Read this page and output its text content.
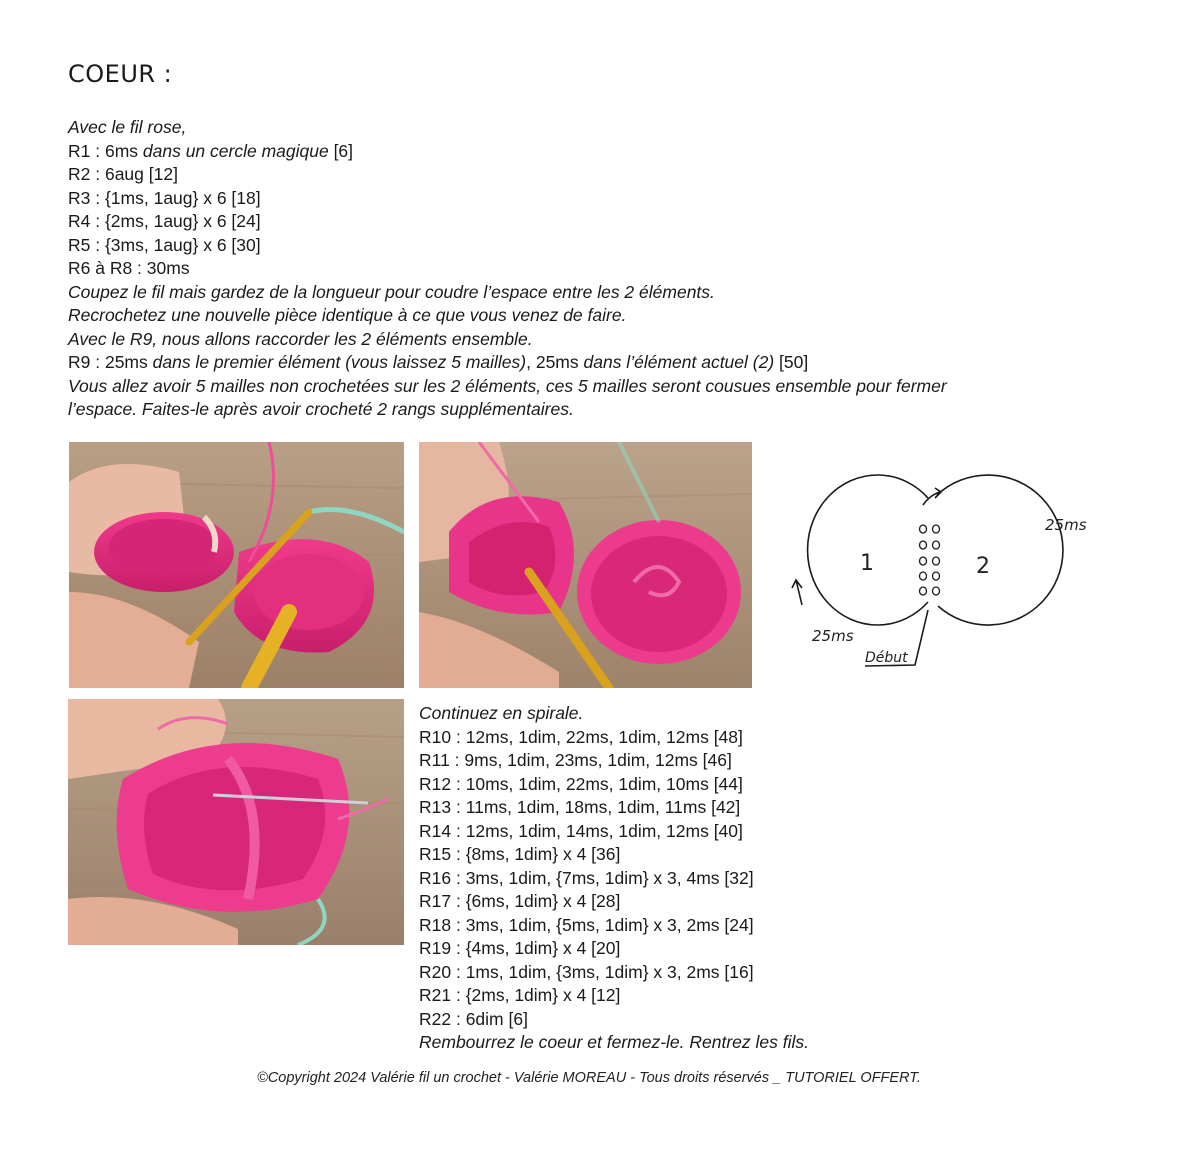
COEUR :
Avec le fil rose,
R1 : 6ms dans un cercle magique [6]
R2 : 6aug [12]
R3 : {1ms, 1aug} x 6 [18]
R4 : {2ms, 1aug} x 6 [24]
R5 : {3ms, 1aug} x 6 [30]
R6 à R8 : 30ms
Coupez le fil mais gardez de la longueur pour coudre l’espace entre les 2 éléments.
Recrochetez une nouvelle pièce identique à ce que vous venez de faire.
Avec le R9, nous allons raccorder les 2 éléments ensemble.
R9 : 25ms dans le premier élément (vous laissez 5 mailles), 25ms dans l’élément actuel (2) [50]
Vous allez avoir 5 mailles non crochetées sur les 2 éléments, ces 5 mailles seront cousues ensemble pour fermer
l’espace. Faites-le après avoir crocheté 2 rangs supplémentaires.
1	2
25ms
25ms
Début
Continuez en spirale.
R10 : 12ms, 1dim, 22ms, 1dim, 12ms [48]
R11 : 9ms, 1dim, 23ms, 1dim, 12ms [46]
R12 : 10ms, 1dim, 22ms, 1dim, 10ms [44]
R13 : 11ms, 1dim, 18ms, 1dim, 11ms [42]
R14 : 12ms, 1dim, 14ms, 1dim, 12ms [40]
R15 : {8ms, 1dim} x 4 [36]
R16 : 3ms, 1dim, {7ms, 1dim} x 3, 4ms [32]
R17 : {6ms, 1dim} x 4 [28]
R18 : 3ms, 1dim, {5ms, 1dim} x 3, 2ms [24]
R19 : {4ms, 1dim} x 4 [20]
R20 : 1ms, 1dim, {3ms, 1dim} x 3, 2ms [16]
R21 : {2ms, 1dim} x 4 [12]
R22 : 6dim [6]
Rembourrez le coeur et fermez-le. Rentrez les fils.
©Copyright 2024 Valérie fil un crochet - Valérie MOREAU - Tous droits réservés _ TUTORIEL OFFERT.
